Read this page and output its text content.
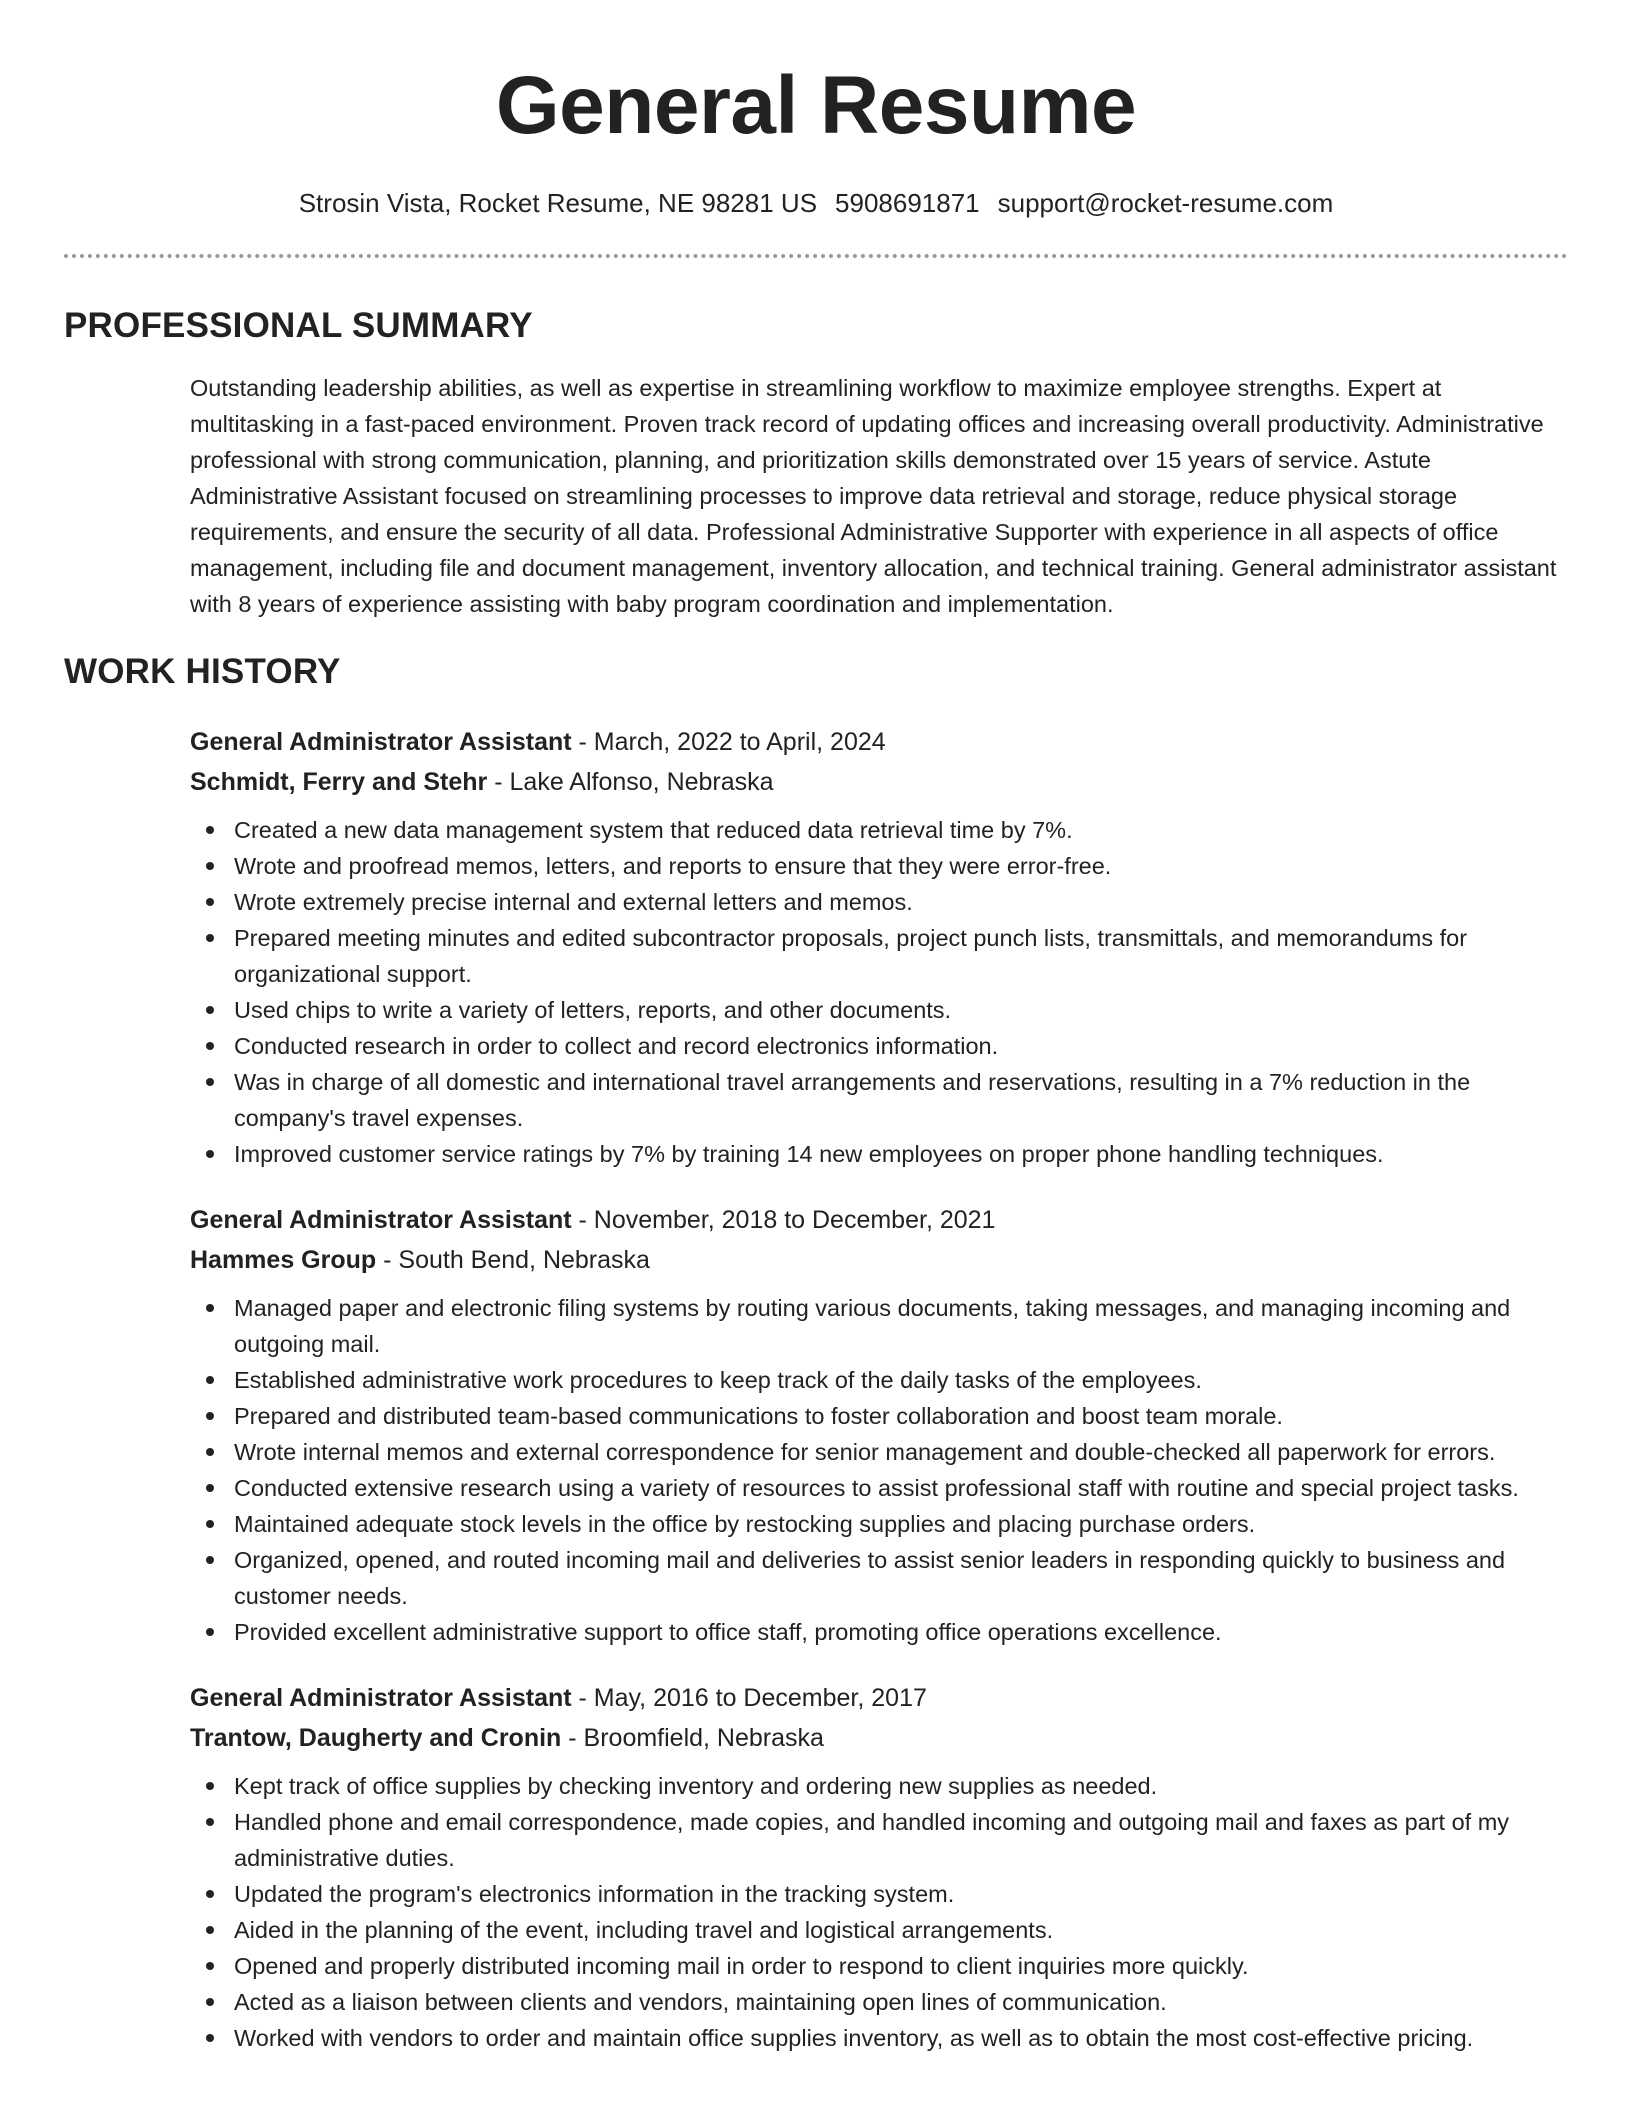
General Resume
Strosin Vista, Rocket Resume, NE 98281 US 5908691871 support@rocket-resume.com
PROFESSIONAL SUMMARY

Outstanding leadership abilities, as well as expertise in streamlining workflow to maximize employee strengths. Expert at multitasking in a fast-paced environment. Proven track record of updating offices and increasing overall productivity. Administrative professional with strong communication, planning, and prioritization skills demonstrated over 15 years of service. Astute Administrative Assistant focused on streamlining processes to improve data retrieval and storage, reduce physical storage requirements, and ensure the security of all data. Professional Administrative Supporter with experience in all aspects of office management, including file and document management, inventory allocation, and technical training. General administrator assistant with 8 years of experience assisting with baby program coordination and implementation.

WORK HISTORY
General Administrator Assistant - March, 2022 to April, 2024
Schmidt, Ferry and Stehr - Lake Alfonso, Nebraska
Created a new data management system that reduced data retrieval time by 7%.
Wrote and proofread memos, letters, and reports to ensure that they were error-free.
Wrote extremely precise internal and external letters and memos.
Prepared meeting minutes and edited subcontractor proposals, project punch lists, transmittals, and memorandums for organizational support.
Used chips to write a variety of letters, reports, and other documents.
Conducted research in order to collect and record electronics information.
Was in charge of all domestic and international travel arrangements and reservations, resulting in a 7% reduction in the company's travel expenses.
Improved customer service ratings by 7% by training 14 new employees on proper phone handling techniques.
General Administrator Assistant - November, 2018 to December, 2021
Hammes Group - South Bend, Nebraska
Managed paper and electronic filing systems by routing various documents, taking messages, and managing incoming and outgoing mail.
Established administrative work procedures to keep track of the daily tasks of the employees.
Prepared and distributed team-based communications to foster collaboration and boost team morale.
Wrote internal memos and external correspondence for senior management and double-checked all paperwork for errors.
Conducted extensive research using a variety of resources to assist professional staff with routine and special project tasks.
Maintained adequate stock levels in the office by restocking supplies and placing purchase orders.
Organized, opened, and routed incoming mail and deliveries to assist senior leaders in responding quickly to business and customer needs.
Provided excellent administrative support to office staff, promoting office operations excellence.
General Administrator Assistant - May, 2016 to December, 2017
Trantow, Daugherty and Cronin - Broomfield, Nebraska
Kept track of office supplies by checking inventory and ordering new supplies as needed.
Handled phone and email correspondence, made copies, and handled incoming and outgoing mail and faxes as part of my administrative duties.
Updated the program's electronics information in the tracking system.
Aided in the planning of the event, including travel and logistical arrangements.
Opened and properly distributed incoming mail in order to respond to client inquiries more quickly.
Acted as a liaison between clients and vendors, maintaining open lines of communication.
Worked with vendors to order and maintain office supplies inventory, as well as to obtain the most cost-effective pricing.
